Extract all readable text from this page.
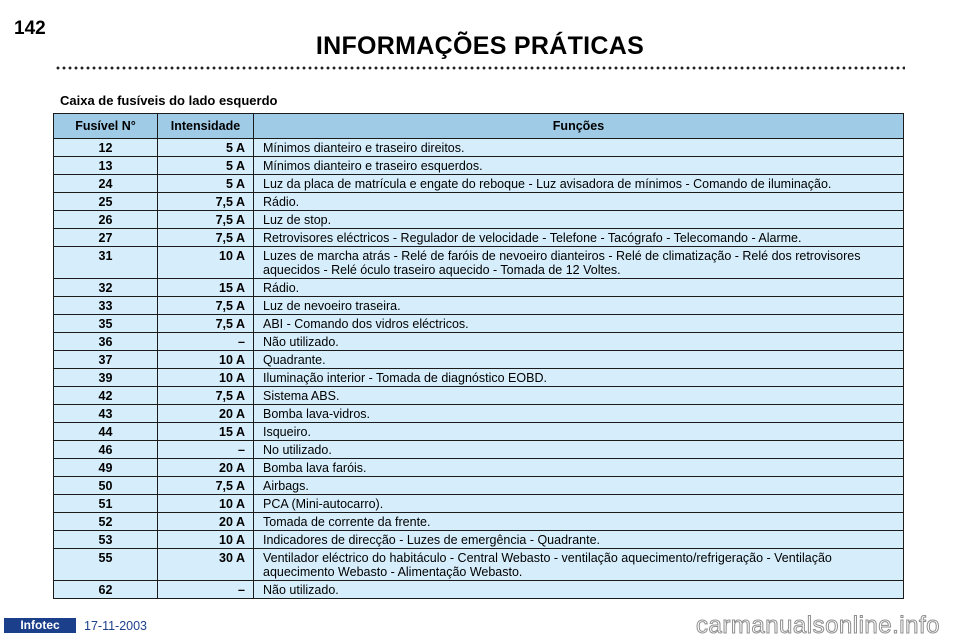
142
INFORMAÇÕES PRÁTICAS
Caixa de fusíveis do lado esquerdo
Fusível N°	Intensidade	Funções
12	5 A	Mínimos dianteiro e traseiro direitos.
13	5 A	Mínimos dianteiro e traseiro esquerdos.
24	5 A	Luz da placa de matrícula e engate do reboque - Luz avisadora de mínimos - Comando de iluminação.
25	7,5 A	Rádio.
26	7,5 A	Luz de stop.
27	7,5 A	Retrovisores eléctricos - Regulador de velocidade - Telefone - Tacógrafo - Telecomando - Alarme.
31	10 A	Luzes de marcha atrás - Relé de faróis de nevoeiro dianteiros - Relé de climatização - Relé dos retrovisores aquecidos - Relé óculo traseiro aquecido - Tomada de 12 Voltes.
32	15 A	Rádio.
33	7,5 A	Luz de nevoeiro traseira.
35	7,5 A	ABI - Comando dos vidros eléctricos.
36	–	Não utilizado.
37	10 A	Quadrante.
39	10 A	Iluminação interior - Tomada de diagnóstico EOBD.
42	7,5 A	Sistema ABS.
43	20 A	Bomba lava-vidros.
44	15 A	Isqueiro.
46	–	No utilizado.
49	20 A	Bomba lava faróis.
50	7,5 A	Airbags.
51	10 A	PCA (Mini-autocarro).
52	20 A	Tomada de corrente da frente.
53	10 A	Indicadores de direcção - Luzes de emergência - Quadrante.
55	30 A	Ventilador eléctrico do habitáculo - Central Webasto - ventilação aquecimento/refrigeração - Ventilação aquecimento Webasto - Alimentação Webasto.
62	–	Não utilizado.
Infotec	17-11-2003	carmanualsonline.info
